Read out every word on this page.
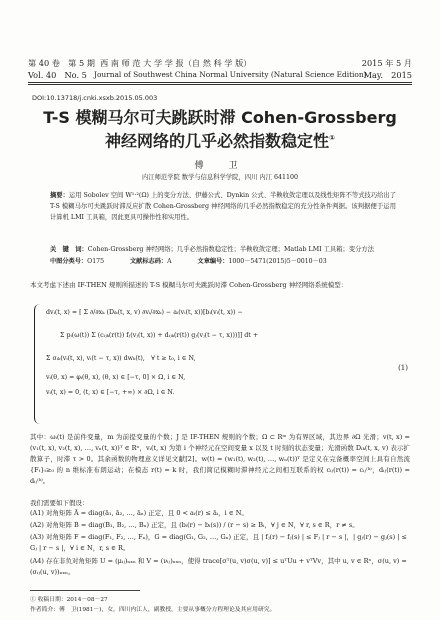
第 40 卷　第 5 期 西 南 师 范 大 学 学 报（自 然 科 学 版）	2015 年 5 月
Vol. 40　No. 5 Journal of Southwest China Normal University (Natural Science Edition)
May.　2015
DOI:10.13718/j.cnki.xsxb.2015.05.003
T-S 模糊马尔可夫跳跃时滞 Cohen-Grossberg
神经网络的几乎必然指数稳定性①
傅　卫
内江师范学院 数学与信息科学学院，四川 内江 641100
摘要：运用 Sobolev 空间 W¹·²(Ω) 上的变分方法、伊藤公式、Dynkin 公式、半鞅收敛定理以及线性矩阵不等式技巧给出了 T-S 模糊马尔可夫跳跃时滞反应扩散 Cohen-Grossberg 神经网络的几乎必然指数稳定的充分性条件判据。该判据便于运用计算机 LMI 工具箱，因此更具可操作性和实用性。
关　键　词：Cohen-Grossberg 神经网络；几乎必然指数稳定性；半鞅收敛定理；Matlab LMI 工具箱；变分方法
中图分类号：O175	文献标志码：A	文章编号：1000－5471(2015)5－0010－03
本文考虑下述由 IF-THEN 规则所描述的 T-S 模糊马尔可夫跳跃时滞 Cohen-Grossberg 神经网络系统模型：
dvᵢ(t, x) = [ Σ ∂/∂xₖ (Dᵢₖ(t, x, v) ∂vᵢ/∂xₖ) − aᵢ(vᵢ(t, x))[bᵢ(vᵢ(t, x)) −
Σ pᵢ(ω(t)) Σ (cᵢⱼₖ(r(t)) fⱼ(vⱼ(t, x)) + dᵢⱼₖ(r(t)) gⱼ(vⱼ(t − τ, x)))]] dt +
Σ σᵢₖ(vᵢ(t, x), vᵢ(t − τ, x)) dwₖ(t),　∀ t ≥ t₀, i ∈ N,
vᵢ(θ, x) = φᵢ(θ, x), (θ, x) ∈ [−τ, 0] × Ω, i ∈ N,
vᵢ(t, x) = 0, (t, x) ∈ [−τ, +∞) × ∂Ω, i ∈ N.
(1)
其中：ωᵢ(t) 是前件变量，m 为前提变量的个数；J 是 IF-THEN 规则的个数；Ω ⊂ Rᵐ 为有界区域，其边界 ∂Ω 光滑；v(t, x) = (v₁(t, x), v₂(t, x), …, vₙ(t, x))ᵀ ∈ Rⁿ，vᵢ(t, x) 为第 i 个神经元在空间变量 x 以及 t 时刻的状态变量；光滑函数 Dᵢₖ(t, x, v) 表示扩散算子，时滞 τ > 0。其余函数的物理意义详见文献[2]。w(t) = (w₁(t), w₂(t), …, wₙ(t))ᵀ 是定义在完备概率空间上具有自然流 {Fₜ}ₜ≥₀ 的 n 维标准布朗运动；在模态 r(t) = k 时，我们简记模糊时滞神经元之间相互联系的权 cᵢⱼ(r(t)) = cᵢⱼ⁽ᵏ⁾，dᵢⱼ(r(t)) = dᵢⱼ⁽ᵏ⁾。
我们需要如下假设：
(A1) 对角矩阵 Ā = diag(ā₁, ā₂, …, āₙ) 正定，且 0 < aᵢ(r) ≤ āᵢ，i ∈ N。
(A2) 对角矩阵 B = diag(B₁, B₂, …, Bₙ) 正定，且 (bᵢ(r) − bᵢ(s)) / (r − s) ≥ Bᵢ，∀ j ∈ N，∀ r, s ∈ R，r ≠ s。
(A3) 对角矩阵 F = diag(F₁, F₂, …, Fₙ)，G = diag(G₁, G₂, …, Gₙ) 正定，且 | fⱼ(r) − fⱼ(s) | ≤ Fⱼ | r − s |，| gⱼ(r) − gⱼ(s) | ≤ Gⱼ | r − s |，∀ i ∈ N，r, s ∈ R。
(A4) 存在非负对角矩阵 U = (μᵢⱼ)ₙₓₙ 和 V = (νᵢⱼ)ₙₓₙ，使得 trace[σᵀ(u, v)σ(u, v)] ≤ uᵀUu + vᵀVv，其中 u, v ∈ Rⁿ，σ(u, v) = (σᵢⱼ(u, v))ₙₓₙ。
① 收稿日期：2014－08－27
作者简介：傅　卫(1981－)，女，四川内江人，副教授，主要从事概分方程理论及其应用研究。
